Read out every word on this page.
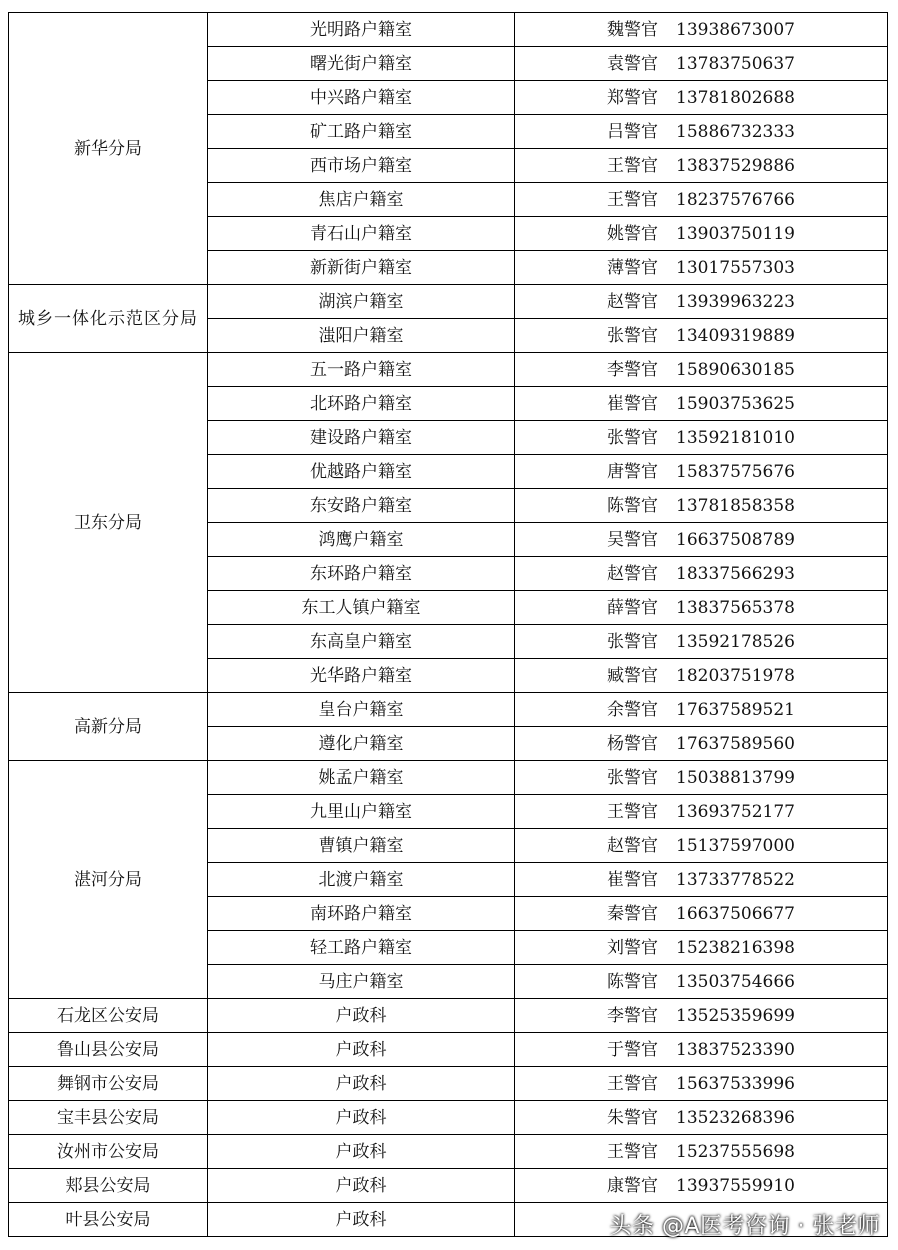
新华分局	光明路户籍室	魏警官 13938673007
	曙光街户籍室	袁警官 13783750637
	中兴路户籍室	郑警官 13781802688
	矿工路户籍室	吕警官 15886732333
	西市场户籍室	王警官 13837529886
	焦店户籍室	王警官 18237576766
	青石山户籍室	姚警官 13903750119
	新新街户籍室	薄警官 13017557303
城乡一体化示范区分局	湖滨户籍室	赵警官 13939963223
	滍阳户籍室	张警官 13409319889
卫东分局	五一路户籍室	李警官 15890630185
	北环路户籍室	崔警官 15903753625
	建设路户籍室	张警官 13592181010
	优越路户籍室	唐警官 15837575676
	东安路户籍室	陈警官 13781858358
	鸿鹰户籍室	吴警官 16637508789
	东环路户籍室	赵警官 18337566293
	东工人镇户籍室	薛警官 13837565378
	东高皇户籍室	张警官 13592178526
	光华路户籍室	臧警官 18203751978
高新分局	皇台户籍室	余警官 17637589521
	遵化户籍室	杨警官 17637589560
湛河分局	姚孟户籍室	张警官 15038813799
	九里山户籍室	王警官 13693752177
	曹镇户籍室	赵警官 15137597000
	北渡户籍室	崔警官 13733778522
	南环路户籍室	秦警官 16637506677
	轻工路户籍室	刘警官 15238216398
	马庄户籍室	陈警官 13503754666
石龙区公安局	户政科	李警官 13525359699
鲁山县公安局	户政科	于警官 13837523390
舞钢市公安局	户政科	王警官 15637533996
宝丰县公安局	户政科	朱警官 13523268396
汝州市公安局	户政科	王警官 15237555698
郏县公安局	户政科	康警官 13937559910
叶县公安局	户政科		头条 @A医考咨询 · 张老师
